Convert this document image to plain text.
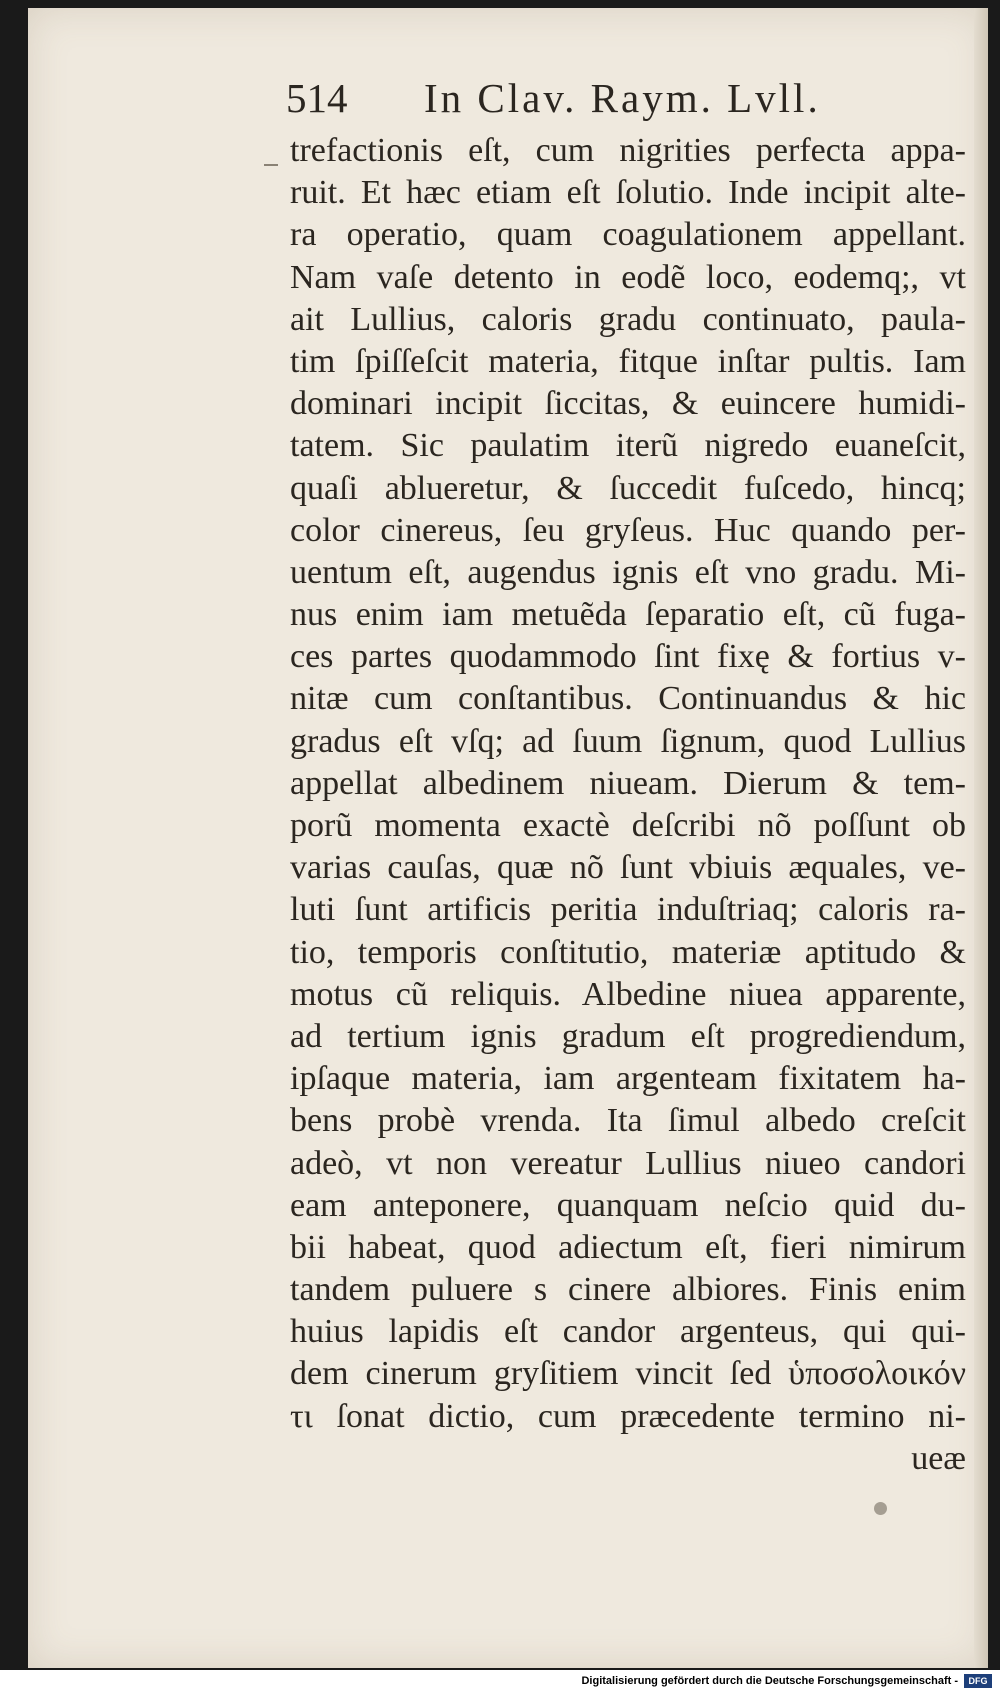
514 In Clav. Raym. Lvll.
trefactionis eſt, cum nigrities perfecta appa-
ruit. Et hæc etiam eſt ſolutio. Inde incipit alte-
ra operatio, quam coagulationem appellant.
Nam vaſe detento in eodẽ loco, eodemq;, vt
ait Lullius, caloris gradu continuato, paula-
tim ſpiſſeſcit materia, fitque inſtar pultis. Iam
dominari incipit ſiccitas, & euincere humidi-
tatem. Sic paulatim iterũ nigredo euaneſcit,
quaſi ablueretur, & ſuccedit fuſcedo, hincq;
color cinereus, ſeu gryſeus. Huc quando per-
uentum eſt, augendus ignis eſt vno gradu. Mi-
nus enim iam metuẽda ſeparatio eſt, cũ fuga-
ces partes quodammodo ſint fixę & fortius v-
nitæ cum conſtantibus. Continuandus & hic
gradus eſt vſq; ad ſuum ſignum, quod Lullius
appellat albedinem niueam. Dierum & tem-
porũ momenta exactè deſcribi nõ poſſunt ob
varias cauſas, quæ nõ ſunt vbiuis æquales, ve-
luti ſunt artificis peritia induſtriaq; caloris ra-
tio, temporis conſtitutio, materiæ aptitudo &
motus cũ reliquis. Albedine niuea apparente,
ad tertium ignis gradum eſt progrediendum,
ipſaque materia, iam argenteam fixitatem ha-
bens probè vrenda. Ita ſimul albedo creſcit
adeò, vt non vereatur Lullius niueo candori
eam anteponere, quanquam neſcio quid du-
bii habeat, quod adiectum eſt, fieri nimirum
tandem puluere s cinere albiores. Finis enim
huius lapidis eſt candor argenteus, qui qui-
dem cinerum gryſitiem vincit ſed ὑποσολοικόν
τι ſonat dictio, cum præcedente termino ni-
ueæ
Digitalisierung gefördert durch die Deutsche Forschungsgemeinschaft -	DFG
